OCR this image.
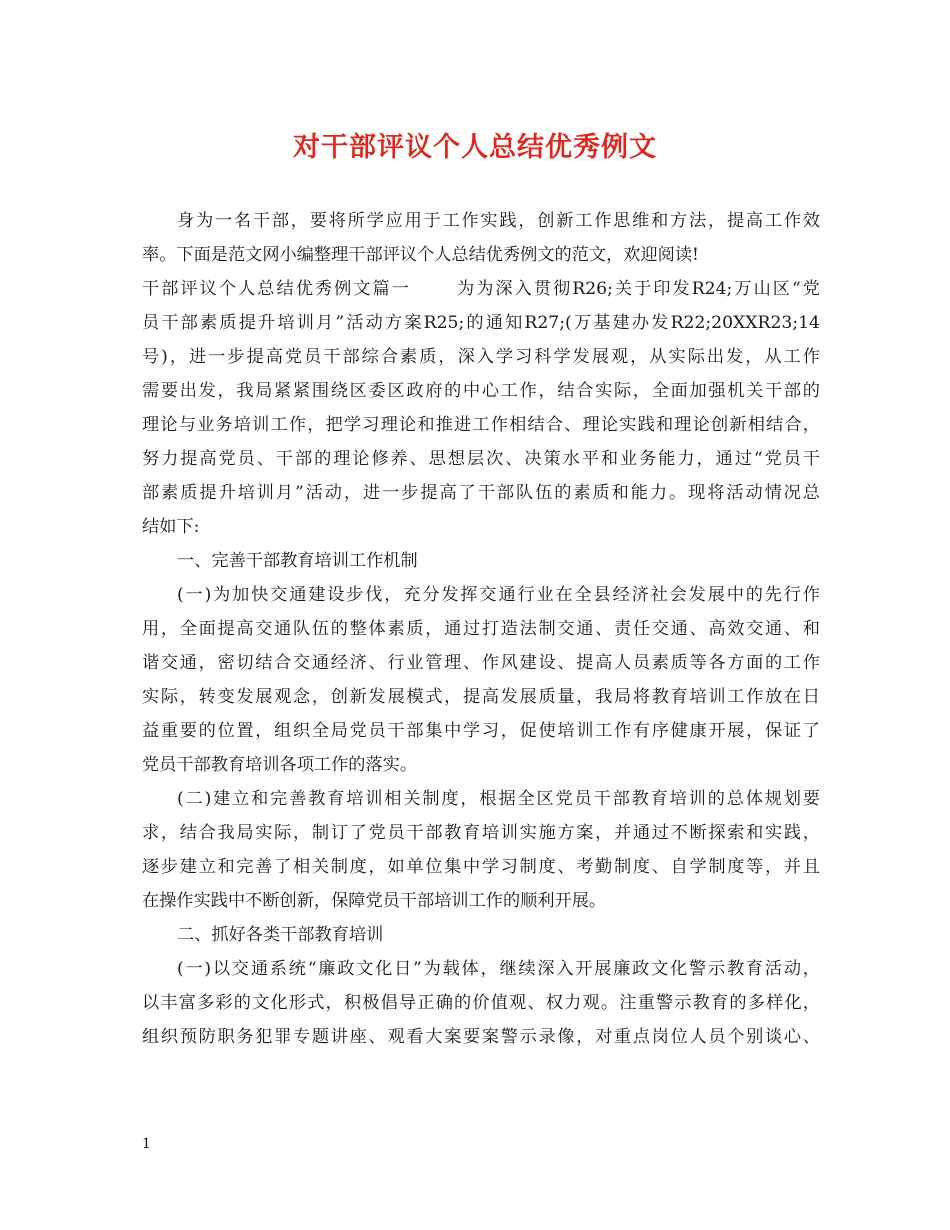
对干部评议个人总结优秀例文
身为一名干部，要将所学应用于工作实践，创新工作思维和方法，提高工作效
率。下面是范文网小编整理干部评议个人总结优秀例文的范文，欢迎阅读!
干部评议个人总结优秀例文篇一	为为深入贯彻R26;关于印发R24;万山区“党
员干部素质提升培训月”活动方案R25;的通知R27;(万基建办发R22;20XXR23;14
号)，进一步提高党员干部综合素质，深入学习科学发展观，从实际出发，从工作
需要出发，我局紧紧围绕区委区政府的中心工作，结合实际，全面加强机关干部的
理论与业务培训工作，把学习理论和推进工作相结合、理论实践和理论创新相结合，
努力提高党员、干部的理论修养、思想层次、决策水平和业务能力，通过“党员干
部素质提升培训月”活动，进一步提高了干部队伍的素质和能力。现将活动情况总
结如下:
一、完善干部教育培训工作机制
(一)为加快交通建设步伐，充分发挥交通行业在全县经济社会发展中的先行作
用，全面提高交通队伍的整体素质，通过打造法制交通、责任交通、高效交通、和
谐交通，密切结合交通经济、行业管理、作风建设、提高人员素质等各方面的工作
实际，转变发展观念，创新发展模式，提高发展质量，我局将教育培训工作放在日
益重要的位置，组织全局党员干部集中学习，促使培训工作有序健康开展，保证了
党员干部教育培训各项工作的落实。
(二)建立和完善教育培训相关制度，根据全区党员干部教育培训的总体规划要
求，结合我局实际，制订了党员干部教育培训实施方案，并通过不断探索和实践，
逐步建立和完善了相关制度，如单位集中学习制度、考勤制度、自学制度等，并且
在操作实践中不断创新，保障党员干部培训工作的顺利开展。
二、抓好各类干部教育培训
(一)以交通系统“廉政文化日”为载体，继续深入开展廉政文化警示教育活动，
以丰富多彩的文化形式，积极倡导正确的价值观、权力观。注重警示教育的多样化，
组织预防职务犯罪专题讲座、观看大案要案警示录像，对重点岗位人员个别谈心、
1
